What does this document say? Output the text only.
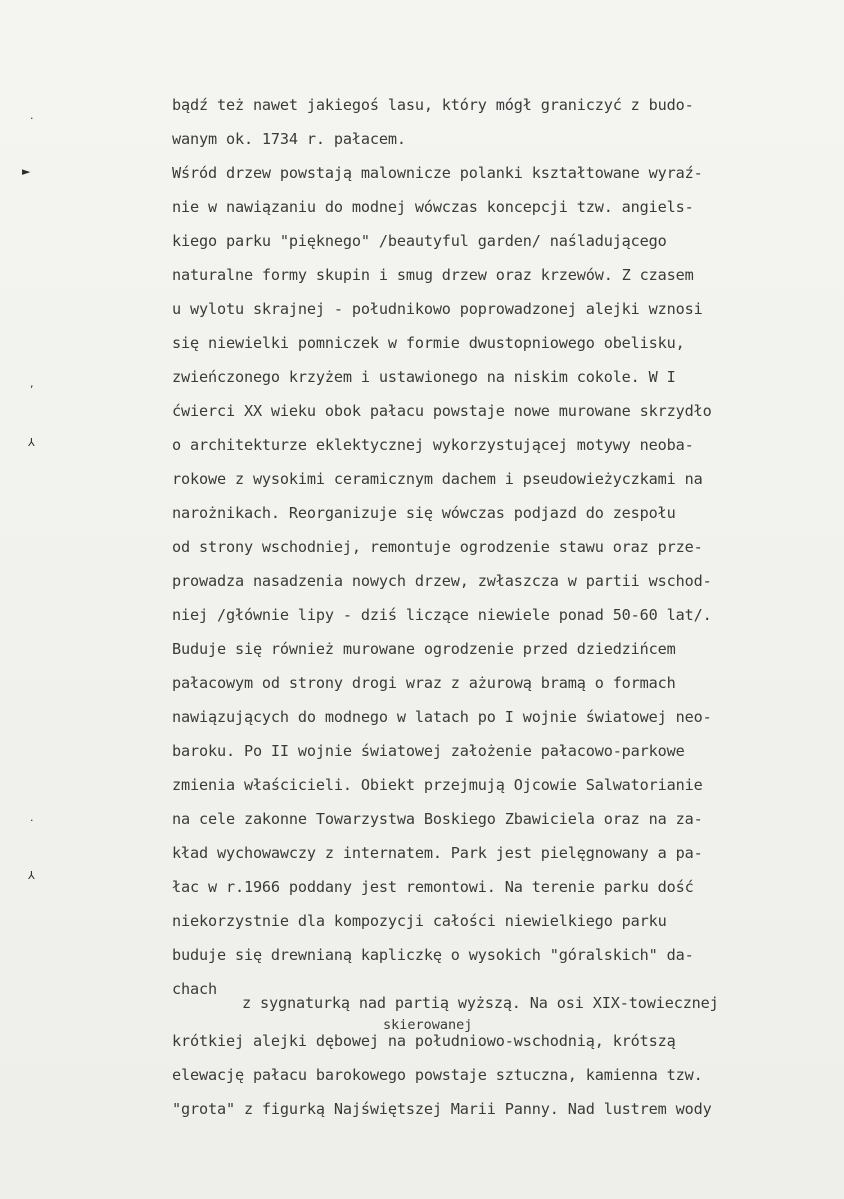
bądź też nawet jakiegoś lasu, który mógł graniczyć z budo-
wanym ok. 1734 r. pałacem.
Wśród drzew powstają malownicze polanki kształtowane wyraź-
nie w nawiązaniu do modnej wówczas koncepcji tzw. angiels-
kiego parku "pięknego" /beautyful garden/ naśladującego
naturalne formy skupin i smug drzew oraz krzewów. Z czasem
u wylotu skrajnej - południkowo poprowadzonej alejki wznosi
się niewielki pomniczek w formie dwustopniowego obelisku,
zwieńczonego krzyżem i ustawionego na niskim cokole. W I
ćwierci XX wieku obok pałacu powstaje nowe murowane skrzydło
o architekturze eklektycznej wykorzystującej motywy neoba-
rokowe z wysokimi ceramicznym dachem i pseudowieżyczkami na
narożnikach. Reorganizuje się wówczas podjazd do zespołu
od strony wschodniej, remontuje ogrodzenie stawu oraz prze-
prowadza nasadzenia nowych drzew, zwłaszcza w partii wschod-
niej /głównie lipy - dziś liczące niewiele ponad 50-60 lat/.
Buduje się również murowane ogrodzenie przed dziedzińcem
pałacowym od strony drogi wraz z ażurową bramą o formach
nawiązujących do modnego w latach po I wojnie światowej neo-
baroku. Po II wojnie światowej założenie pałacowo-parkowe
zmienia właścicieli. Obiekt przejmują Ojcowie Salwatorianie
na cele zakonne Towarzystwa Boskiego Zbawiciela oraz na za-
kład wychowawczy z internatem. Park jest pielęgnowany a pa-
łac w r.1966 poddany jest remontowi. Na terenie parku dość
niekorzystnie dla kompozycji całości niewielkiego parku
buduje się drewnianą kapliczkę o wysokich "góralskich" da-
chach
z sygnaturką nad partią wyższą. Na osi XIX-towiecznej
skierowanej
krótkiej alejki dębowej na południowo-wschodnią, krótszą
elewację pałacu barokowego powstaje sztuczna, kamienna tzw.
"grota" z figurką Najświętszej Marii Panny. Nad lustrem wody
.
►
,
⅄
.
⅄
